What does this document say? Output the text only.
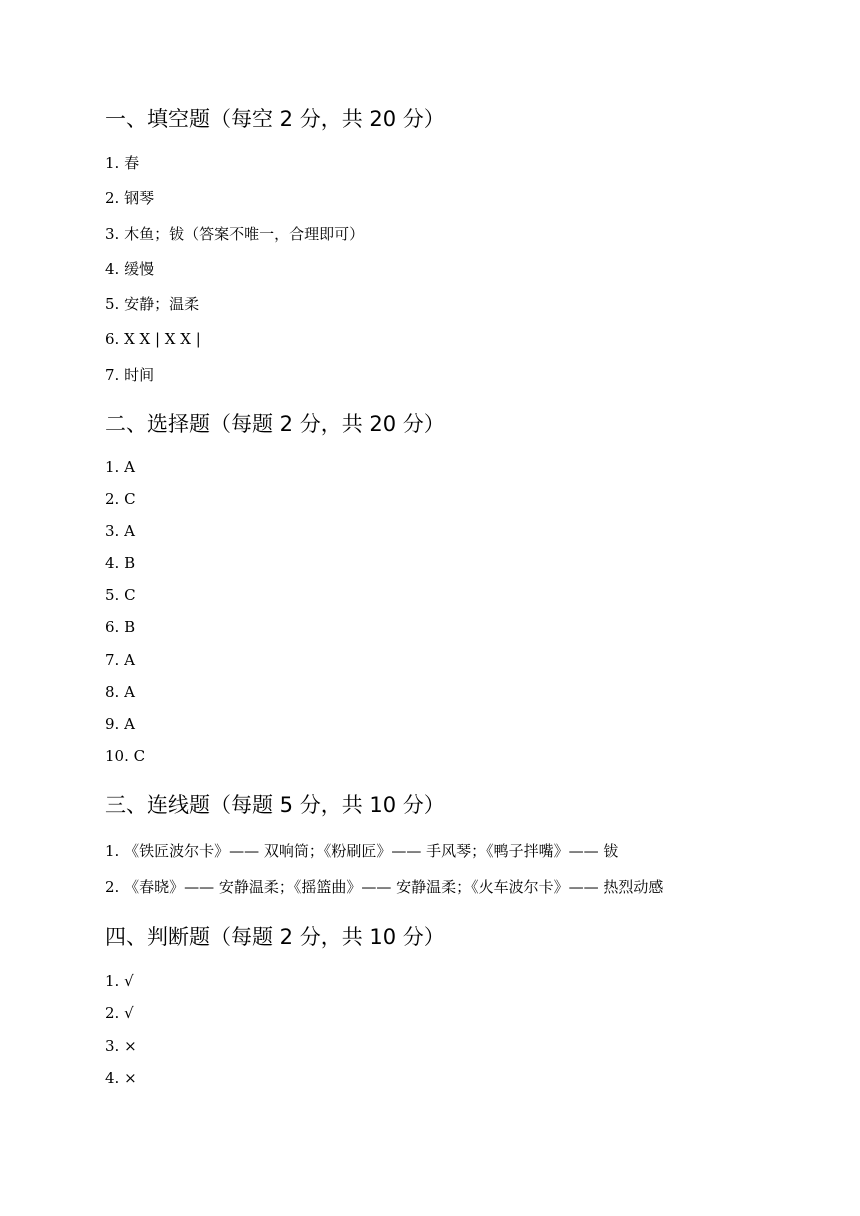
一、填空题（每空 2 分，共 20 分）
1. 春
2. 钢琴
3. 木鱼；钹（答案不唯一，合理即可）
4. 缓慢
5. 安静；温柔
6. X X | X X |
7. 时间
二、选择题（每题 2 分，共 20 分）
1. A
2. C
3. A
4. B
5. C
6. B
7. A
8. A
9. A
10. C
三、连线题（每题 5 分，共 10 分）
1. 《铁匠波尔卡》—— 双响筒；《粉刷匠》—— 手风琴；《鸭子拌嘴》—— 钹
2. 《春晓》—— 安静温柔；《摇篮曲》—— 安静温柔；《火车波尔卡》—— 热烈动感
四、判断题（每题 2 分，共 10 分）
1. √
2. √
3. ×
4. ×
